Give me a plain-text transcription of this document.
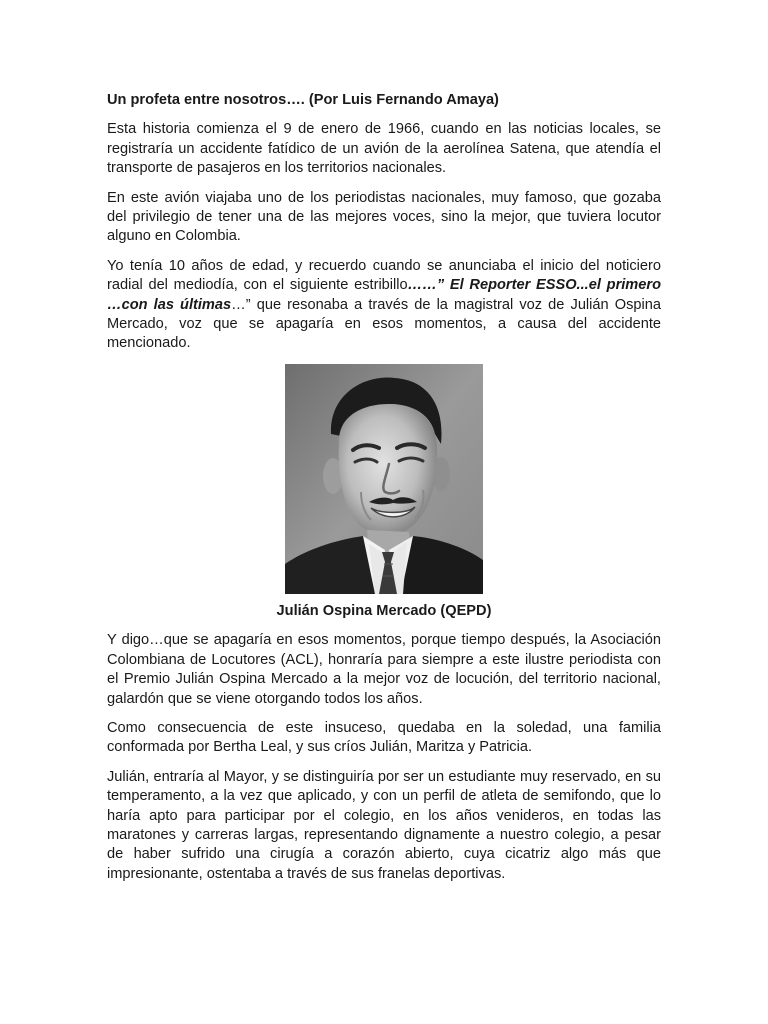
Un profeta entre nosotros…. (Por Luis Fernando Amaya)

Esta historia comienza el 9 de enero de 1966, cuando en las noticias locales, se registraría un accidente fatídico de un avión de la aerolínea Satena, que atendía el transporte de pasajeros en los territorios nacionales.

En este avión viajaba uno de los periodistas nacionales, muy famoso, que gozaba del privilegio de tener una de las mejores voces, sino la mejor, que tuviera locutor alguno en Colombia.

Yo tenía 10 años de edad, y recuerdo cuando se anunciaba el inicio del noticiero radial del mediodía, con el siguiente estribillo……” El Reporter ESSO...el primero …con las últimas…” que resonaba a través de la magistral voz de Julián Ospina Mercado, voz que se apagaría en esos momentos, a causa del accidente mencionado.

Julián Ospina Mercado (QEPD)

Y digo…que se apagaría en esos momentos, porque tiempo después, la Asociación Colombiana de Locutores (ACL), honraría para siempre a este ilustre periodista con el Premio Julián Ospina Mercado a la mejor voz de locución, del territorio nacional, galardón que se viene otorgando todos los años.

Como consecuencia de este insuceso, quedaba en la soledad, una familia conformada por Bertha Leal, y sus críos Julián, Maritza y Patricia.

Julián, entraría al Mayor, y se distinguiría por ser un estudiante muy reservado, en su temperamento, a la vez que aplicado, y con un perfil de atleta de semifondo, que lo haría apto para participar por el colegio, en los años venideros, en todas las maratones y carreras largas, representando dignamente a nuestro colegio, a pesar de haber sufrido una cirugía a corazón abierto, cuya cicatriz algo más que impresionante, ostentaba a través de sus franelas deportivas.
